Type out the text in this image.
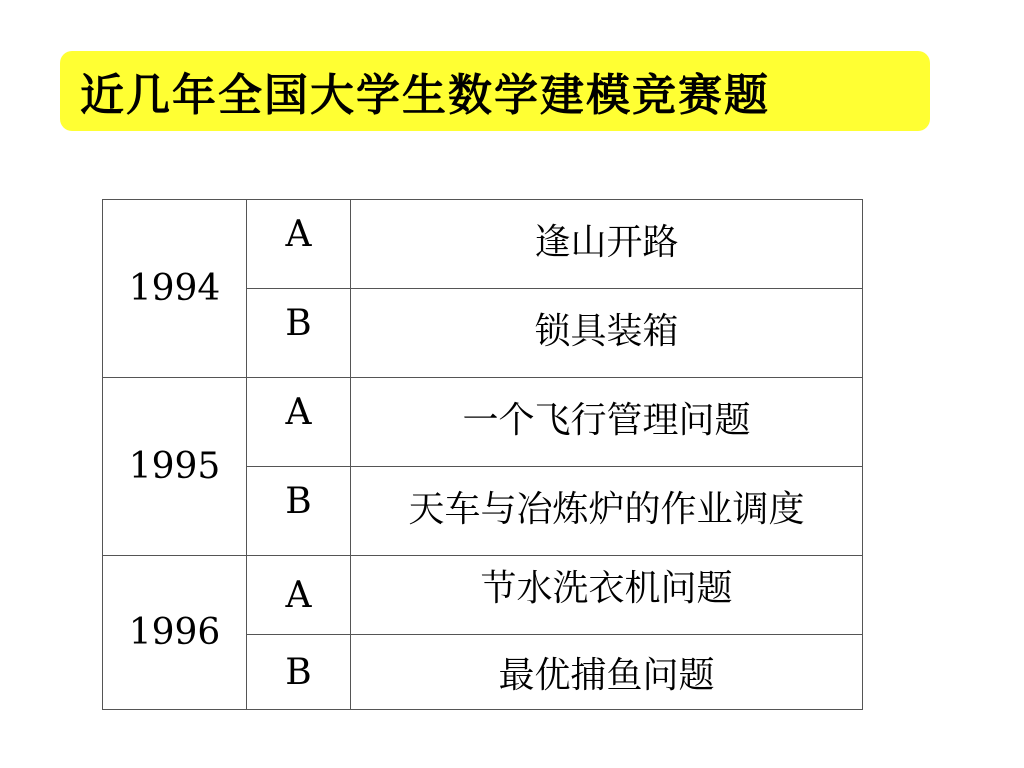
近几年全国大学生数学建模竞赛题
1994	A	逢山开路
	B	锁具装箱
1995	A	一个飞行管理问题
	B	天车与冶炼炉的作业调度
1996	A	节水洗衣机问题
	B	最优捕鱼问题
